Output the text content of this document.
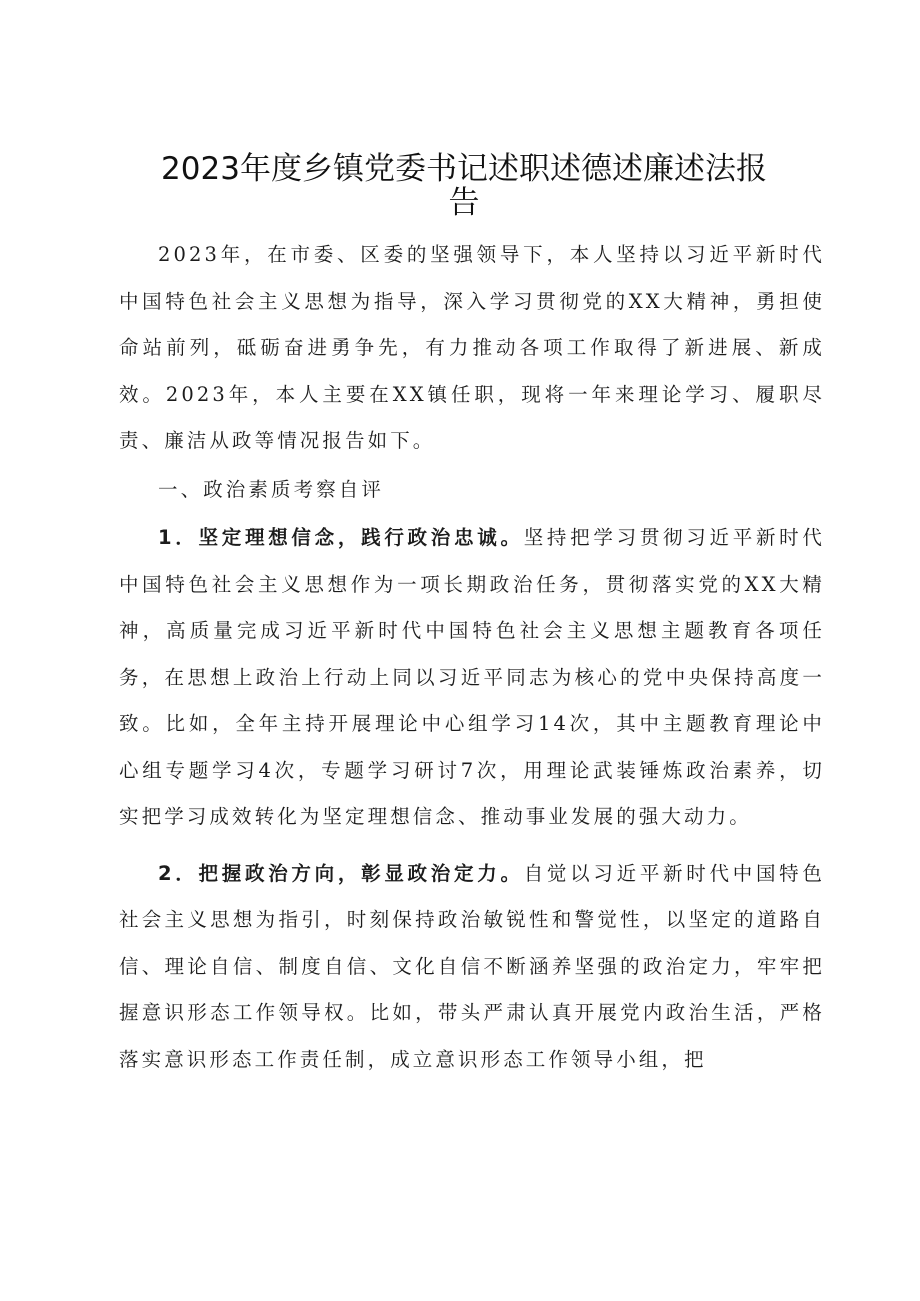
2023年度乡镇党委书记述职述德述廉述法报告

2023年，在市委、区委的坚强领导下，本人坚持以习近平新时代中国特色社会主义思想为指导，深入学习贯彻党的XX大精神，勇担使命站前列，砥砺奋进勇争先，有力推动各项工作取得了新进展、新成效。2023年，本人主要在XX镇任职，现将一年来理论学习、履职尽责、廉洁从政等情况报告如下。

一、政治素质考察自评

1．坚定理想信念，践行政治忠诚。坚持把学习贯彻习近平新时代中国特色社会主义思想作为一项长期政治任务，贯彻落实党的XX大精神，高质量完成习近平新时代中国特色社会主义思想主题教育各项任务，在思想上政治上行动上同以习近平同志为核心的党中央保持高度一致。比如，全年主持开展理论中心组学习14次，其中主题教育理论中心组专题学习4次，专题学习研讨7次，用理论武装锤炼政治素养，切实把学习成效转化为坚定理想信念、推动事业发展的强大动力。

2．把握政治方向，彰显政治定力。自觉以习近平新时代中国特色社会主义思想为指引，时刻保持政治敏锐性和警觉性，以坚定的道路自信、理论自信、制度自信、文化自信不断涵养坚强的政治定力，牢牢把握意识形态工作领导权。比如，带头严肃认真开展党内政治生活，严格落实意识形态工作责任制，成立意识形态工作领导小组，把
